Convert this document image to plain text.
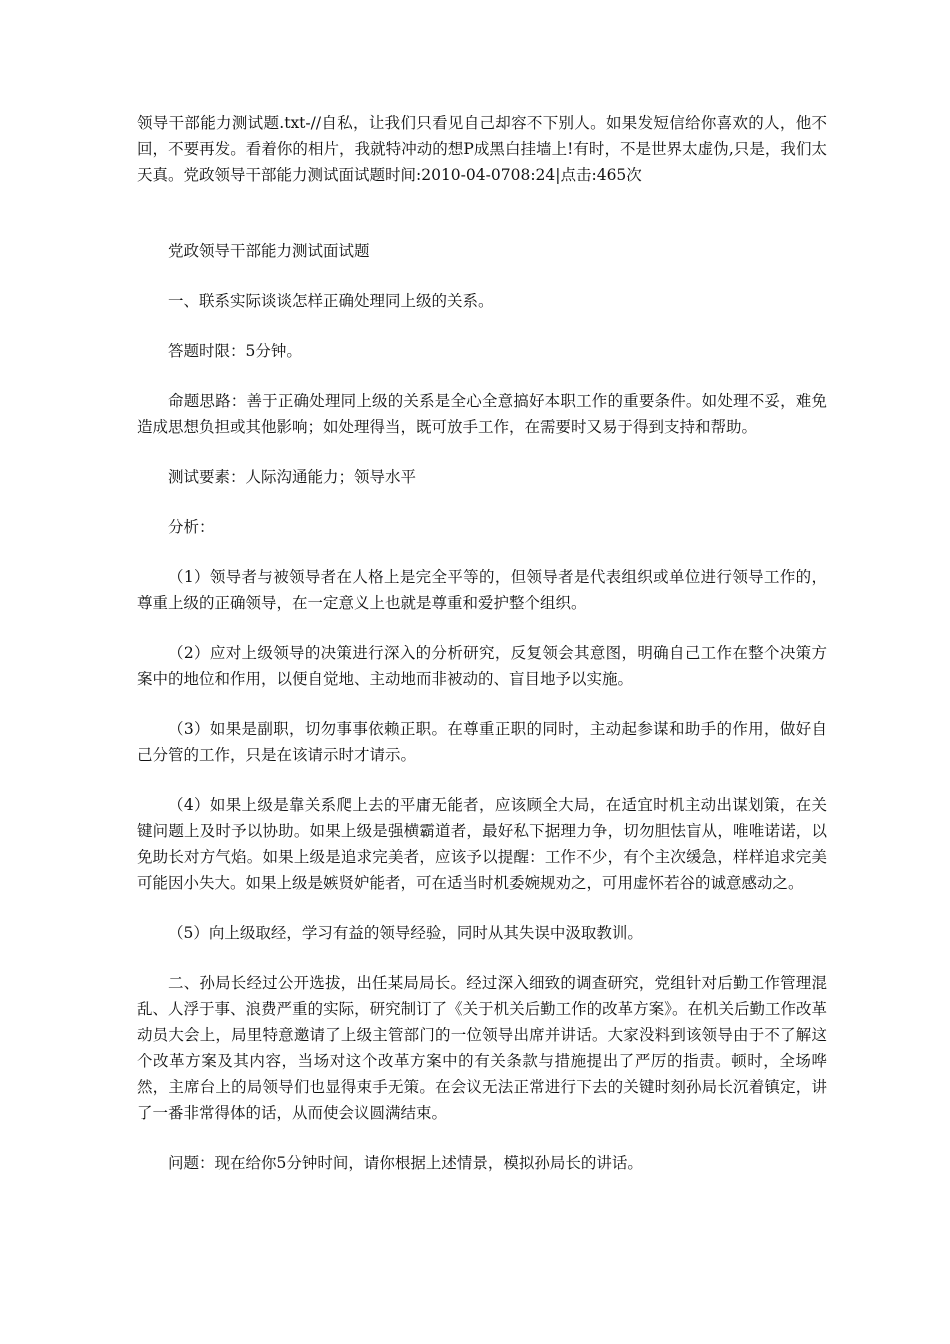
领导干部能力测试题.txt-//自私，让我们只看见自己却容不下别人。如果发短信给你喜欢的人，他不回，不要再发。看着你的相片，我就特冲动的想P成黑白挂墙上!有时，不是世界太虚伪,只是，我们太天真。党政领导干部能力测试面试题时间:2010-04-0708:24|点击:465次

党政领导干部能力测试面试题

一、联系实际谈谈怎样正确处理同上级的关系。

答题时限：5分钟。

命题思路：善于正确处理同上级的关系是全心全意搞好本职工作的重要条件。如处理不妥，难免造成思想负担或其他影响；如处理得当，既可放手工作，在需要时又易于得到支持和帮助。

测试要素：人际沟通能力；领导水平

分析：

（1）领导者与被领导者在人格上是完全平等的，但领导者是代表组织或单位进行领导工作的，尊重上级的正确领导，在一定意义上也就是尊重和爱护整个组织。

（2）应对上级领导的决策进行深入的分析研究，反复领会其意图，明确自己工作在整个决策方案中的地位和作用，以便自觉地、主动地而非被动的、盲目地予以实施。

（3）如果是副职，切勿事事依赖正职。在尊重正职的同时，主动起参谋和助手的作用，做好自己分管的工作，只是在该请示时才请示。

（4）如果上级是靠关系爬上去的平庸无能者，应该顾全大局，在适宜时机主动出谋划策，在关键问题上及时予以协助。如果上级是强横霸道者，最好私下据理力争，切勿胆怯盲从，唯唯诺诺，以免助长对方气焰。如果上级是追求完美者，应该予以提醒：工作不少，有个主次缓急，样样追求完美可能因小失大。如果上级是嫉贤妒能者，可在适当时机委婉规劝之，可用虚怀若谷的诚意感动之。

（5）向上级取经，学习有益的领导经验，同时从其失误中汲取教训。

二、孙局长经过公开选拔，出任某局局长。经过深入细致的调查研究，党组针对后勤工作管理混乱、人浮于事、浪费严重的实际，研究制订了《关于机关后勤工作的改革方案》。在机关后勤工作改革动员大会上，局里特意邀请了上级主管部门的一位领导出席并讲话。大家没料到该领导由于不了解这个改革方案及其内容，当场对这个改革方案中的有关条款与措施提出了严厉的指责。顿时，全场哗然，主席台上的局领导们也显得束手无策。在会议无法正常进行下去的关键时刻孙局长沉着镇定，讲了一番非常得体的话，从而使会议圆满结束。

问题：现在给你5分钟时间，请你根据上述情景，模拟孙局长的讲话。
